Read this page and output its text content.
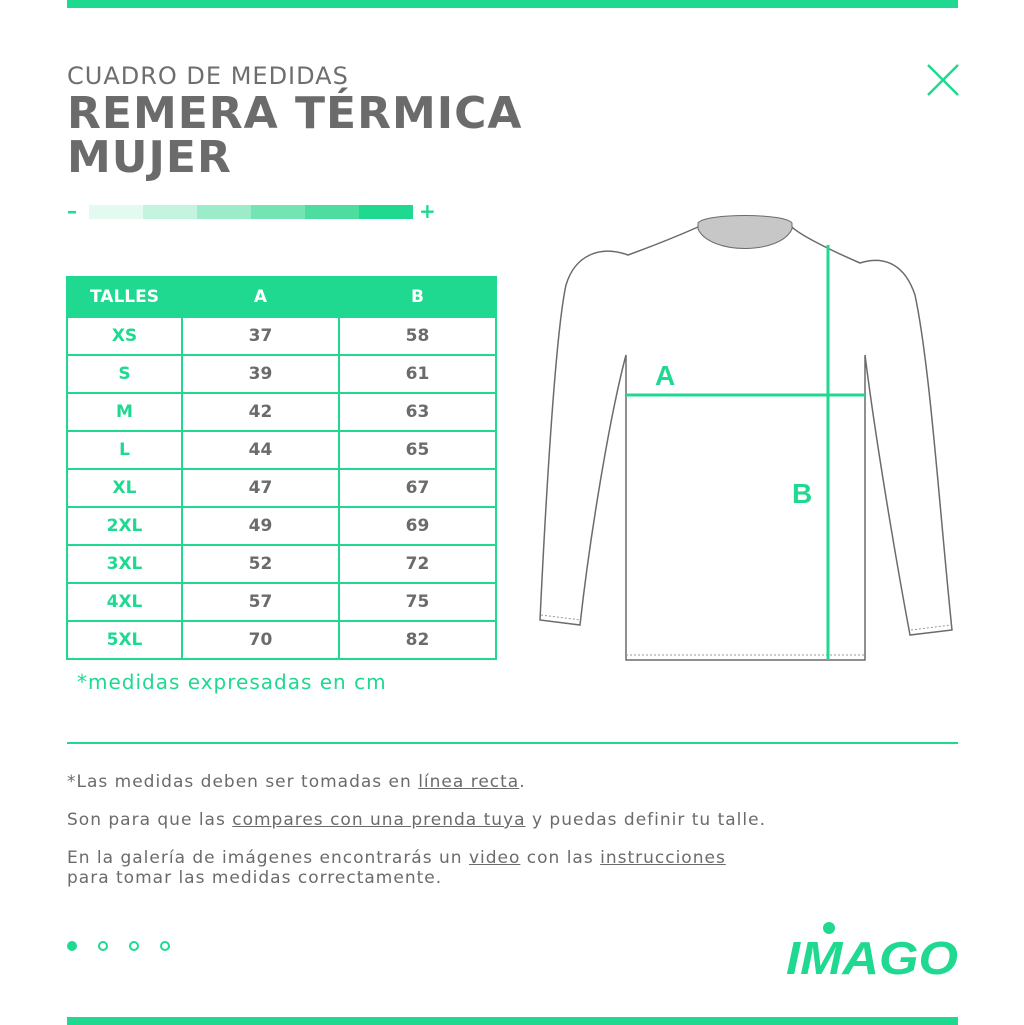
CUADRO DE MEDIDAS
REMERA TÉRMICA
MUJER
–	+
TALLES	A	B
XS	37	58
S	39	61
M	42	63
L	44	65
XL	47	67
2XL	49	69
3XL	52	72
4XL	57	75
5XL	70	82
*medidas expresadas en cm
A
B
*Las medidas deben ser tomadas en línea recta.
Son para que las compares con una prenda tuya y puedas definir tu talle.
En la galería de imágenes encontrarás un video con las instrucciones
para tomar las medidas correctamente.
IMAGO
